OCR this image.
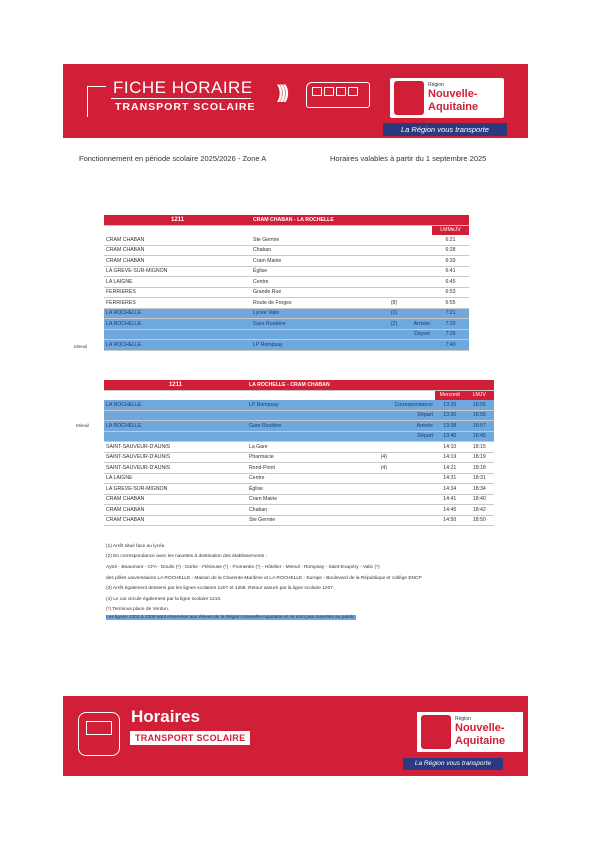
FICHE HORAIRE
TRANSPORT SCOLAIRE
)))	Région
Nouvelle-
Aquitaine
La Région vous transporte
Fonctionnement en période scolaire 2025/2026 - Zone A	Horaires valables à partir du 1 septembre 2025
Mireuil
1211	CRAM CHABAN - LA ROCHELLE			
				LMMeJV
CRAM CHABAN	Ste Germie			6:21
CRAM CHABAN	Chaban			6:28
CRAM CHABAN	Cram Mairie			6:33
LA GREVE-SUR-MIGNON	Église			6:41
LA LAIGNE	Centre			6:45
FERRIERES	Grande Rue			6:53
FERRIERES	Route de Forges	(8)		6:55
LA ROCHELLE	Lycée Valin	(1)		7:21
LA ROCHELLE	Gare Routière	(2)	Arrivée	7:25
			Départ	7:25
LA ROCHELLE	LP Rompsay			7:40
Mireuil
1211	LA ROCHELLE - CRAM CHABAN				
				Mercredi	LMJV
LA ROCHELLE	LP Rompsay		Correspondance	13:25	16:55
			Départ	13:30	16:55
LA ROCHELLE	Gare Routière		Arrivée	13:38	16:57
			Départ	13:40	16:45
SAINT-SAUVEUR-D'AUNIS	La Gare			14:10	18:15
SAINT-SAUVEUR-D'AUNIS	Pharmacie	(4)		14:19	18:19
SAINT-SAUVEUR-D'AUNIS	Rond-Point	(4)		14:21	18:18
LA LAIGNE	Centre			14:31	18:31
LA GREVE-SUR-MIGNON	Église			14:34	18:34
CRAM CHABAN	Cram Mairie			14:41	18:40
CRAM CHABAN	Chaban			14:45	18:42
CRAM CHABAN	Ste Germie			14:50	18:50
(1) Arrêt situé face au lycée.
(2) En correspondance avec les navettes à destination des établissements :
Aytré - Beaumont - CFA - Doulin (*) - Dortie - Flérieuse (*) - Fromentin (*) - Hôtelier - Mireuil - Rompsay - Saint-Exupéry - Valin (*)
des pôles universitaires LA ROCHELLE - Maison de la Charente-Maritime et LA ROCHELLE - Europe - Boulevard de la République et collège ENCP
(3) Arrêt également desservi par les lignes scolaires 1207 et 1208. Retour assuré par la ligne scolaire 1207.
(4) Le car circule également par la ligne scolaire 1210.
(*) Terminus place de Verdun.
Les lignes 1201 à 1208 sont réservées aux élèves de la Région Nouvelle-Aquitaine et ne sont pas ouvertes au public.
Horaires
TRANSPORT SCOLAIRE
Région
Nouvelle-
Aquitaine
La Région vous transporte
